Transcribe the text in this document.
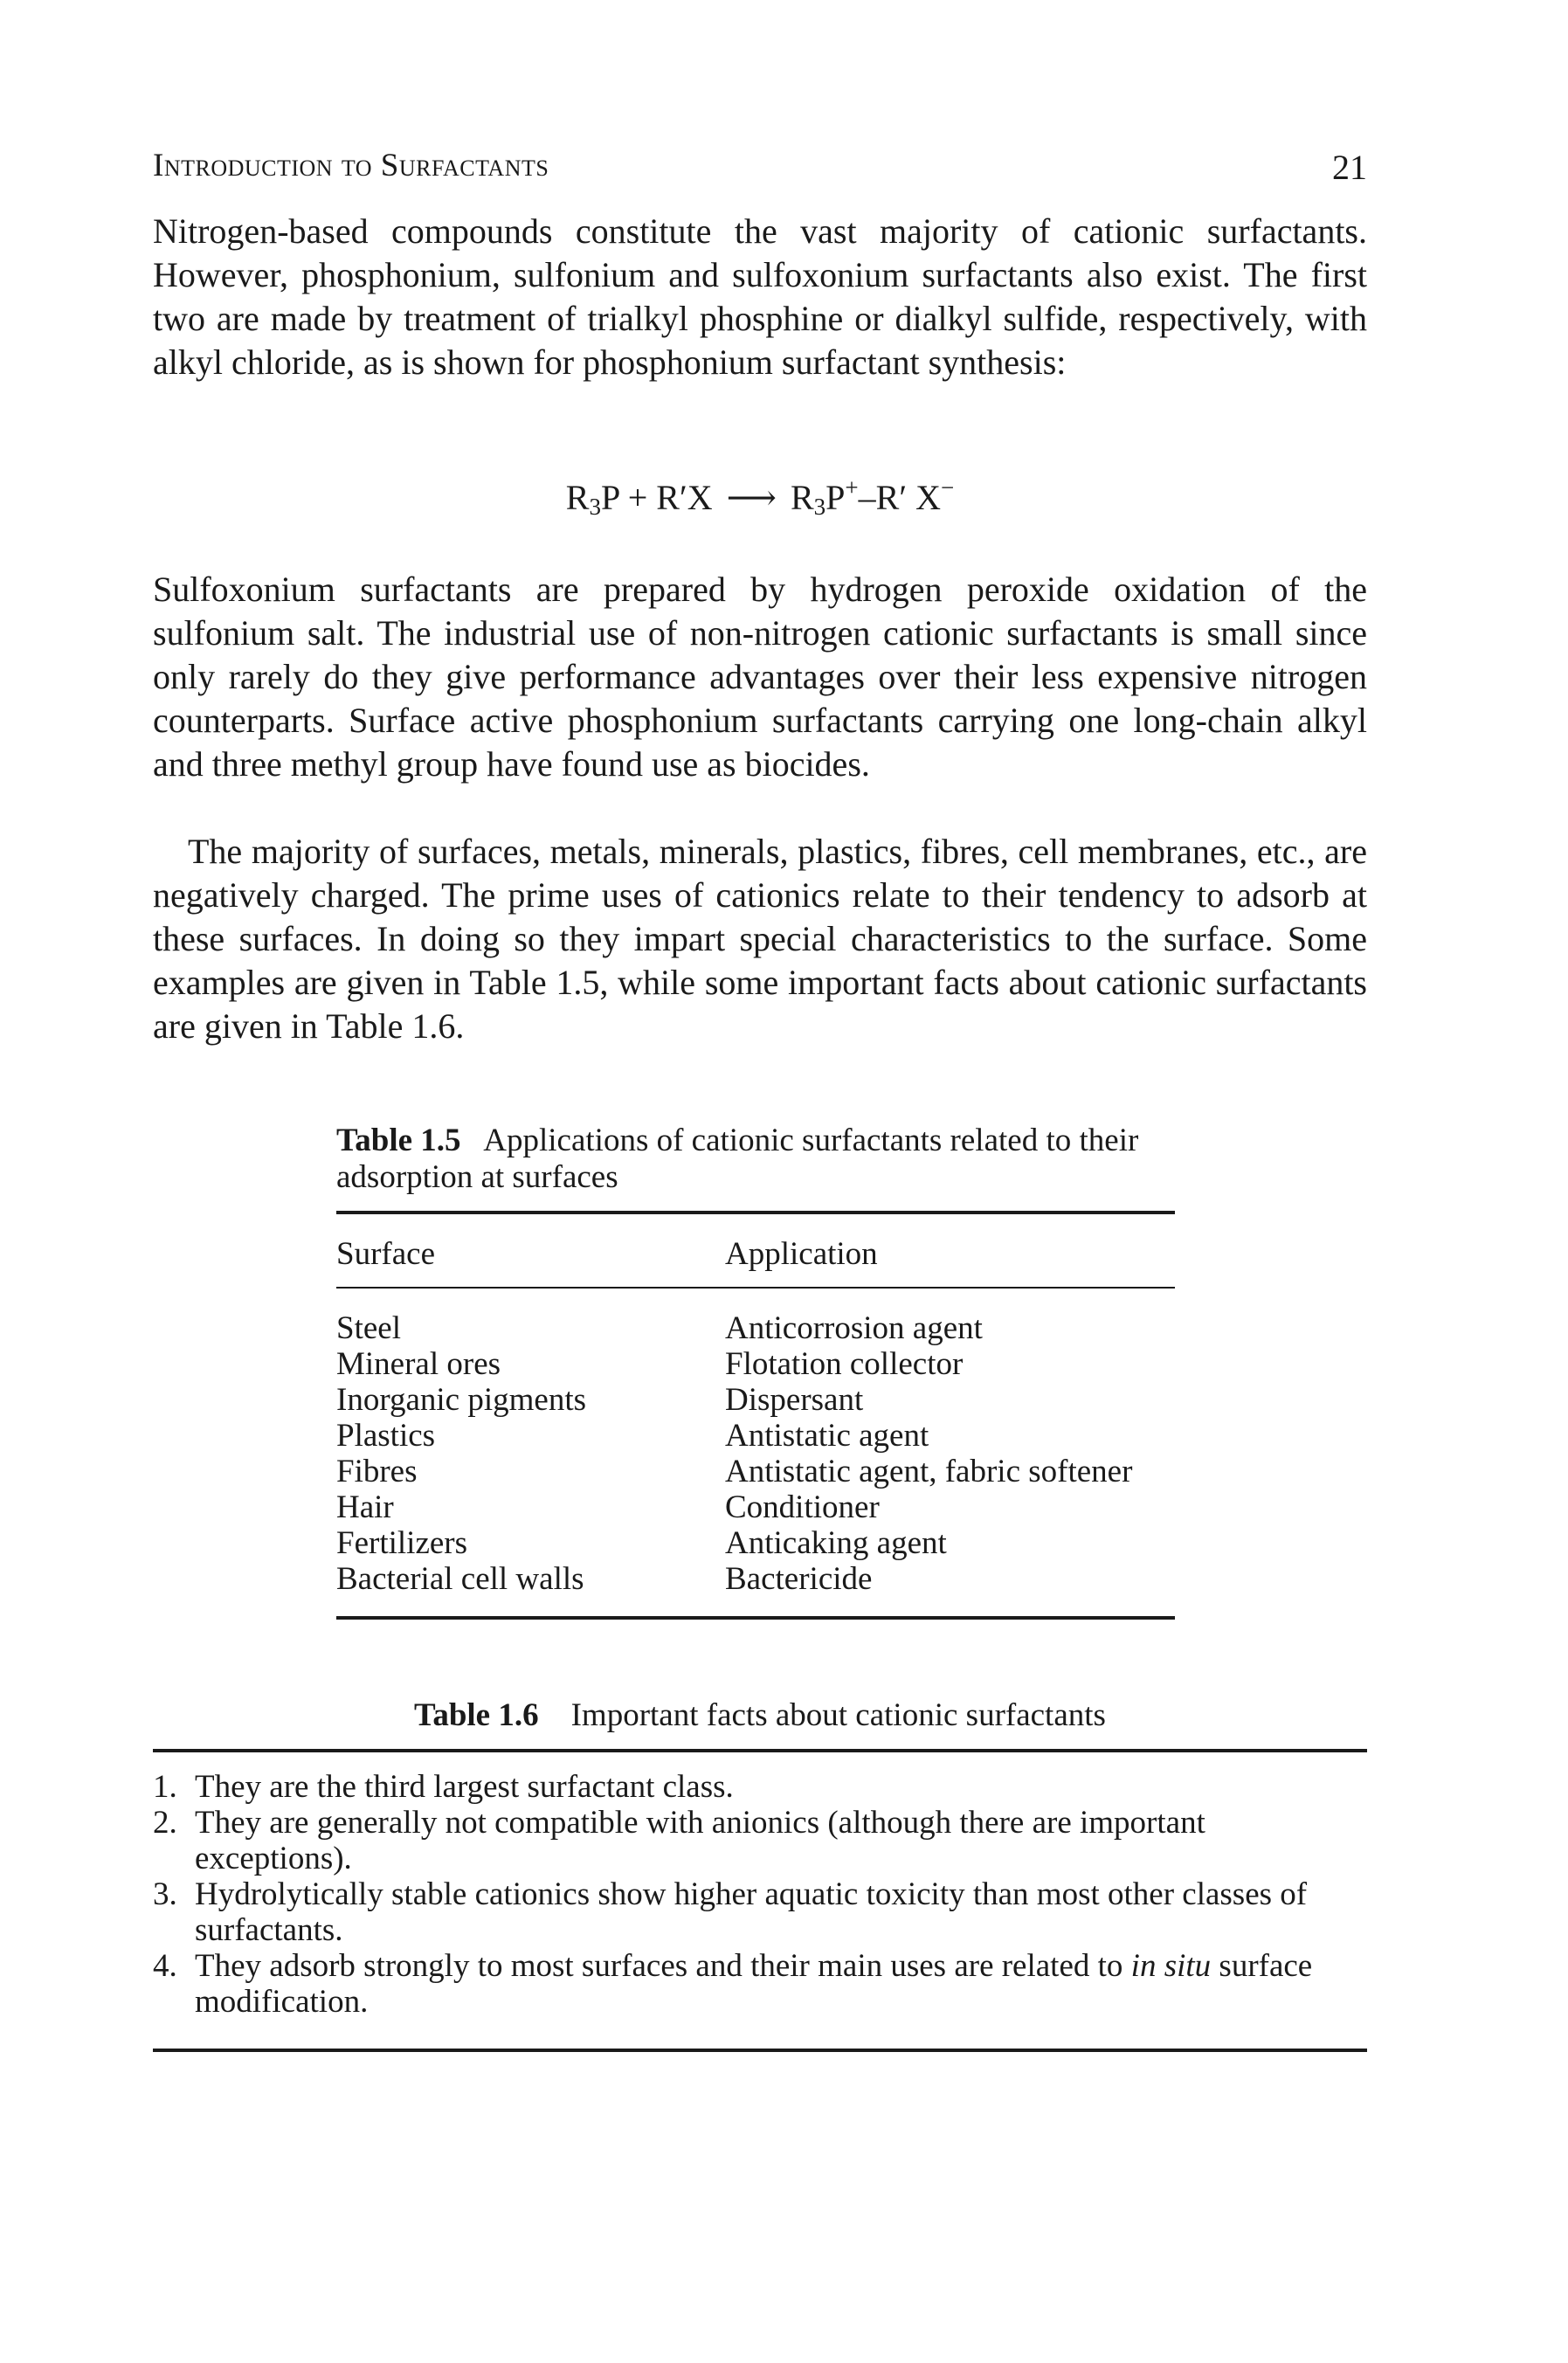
Introduction to Surfactants	21

Nitrogen-based compounds constitute the vast majority of cationic surfactants. However, phosphonium, sulfonium and sulfoxonium surfactants also exist. The first two are made by treatment of trialkyl phosphine or dialkyl sulfide, respectively, with alkyl chloride, as is shown for phosphonium surfactant synthesis:

$R_3P + R'X$ ⟶ $R_3P^+-R'$ X−

Sulfoxonium surfactants are prepared by hydrogen peroxide oxidation of the sulfonium salt. The industrial use of non-nitrogen cationic surfactants is small since only rarely do they give performance advantages over their less expensive nitrogen counterparts. Surface active phosphonium surfactants carrying one long-chain alkyl and three methyl group have found use as biocides.

The majority of surfaces, metals, minerals, plastics, fibres, cell membranes, etc., are negatively charged. The prime uses of cationics relate to their tendency to adsorb at these surfaces. In doing so they impart special characteristics to the surface. Some examples are given in Table 1.5, while some important facts about cationic surfactants are given in Table 1.6.

Table 1.5 Applications of cationic surfactants related to their adsorption at surfaces
Surface	Application
Steel
Mineral ores
Inorganic pigments
Plastics
Fibres
Hair
Fertilizers
Bacterial cell walls
Anticorrosion agent
Flotation collector
Dispersant
Antistatic agent
Antistatic agent, fabric softener
Conditioner
Anticaking agent
Bactericide
Table 1.6 Important facts about cationic surfactants
1. They are the third largest surfactant class.
2. They are generally not compatible with anionics (although there are important exceptions).
3. Hydrolytically stable cationics show higher aquatic toxicity than most other classes of surfactants.
4. They adsorb strongly to most surfaces and their main uses are related to in situ surface modification.
